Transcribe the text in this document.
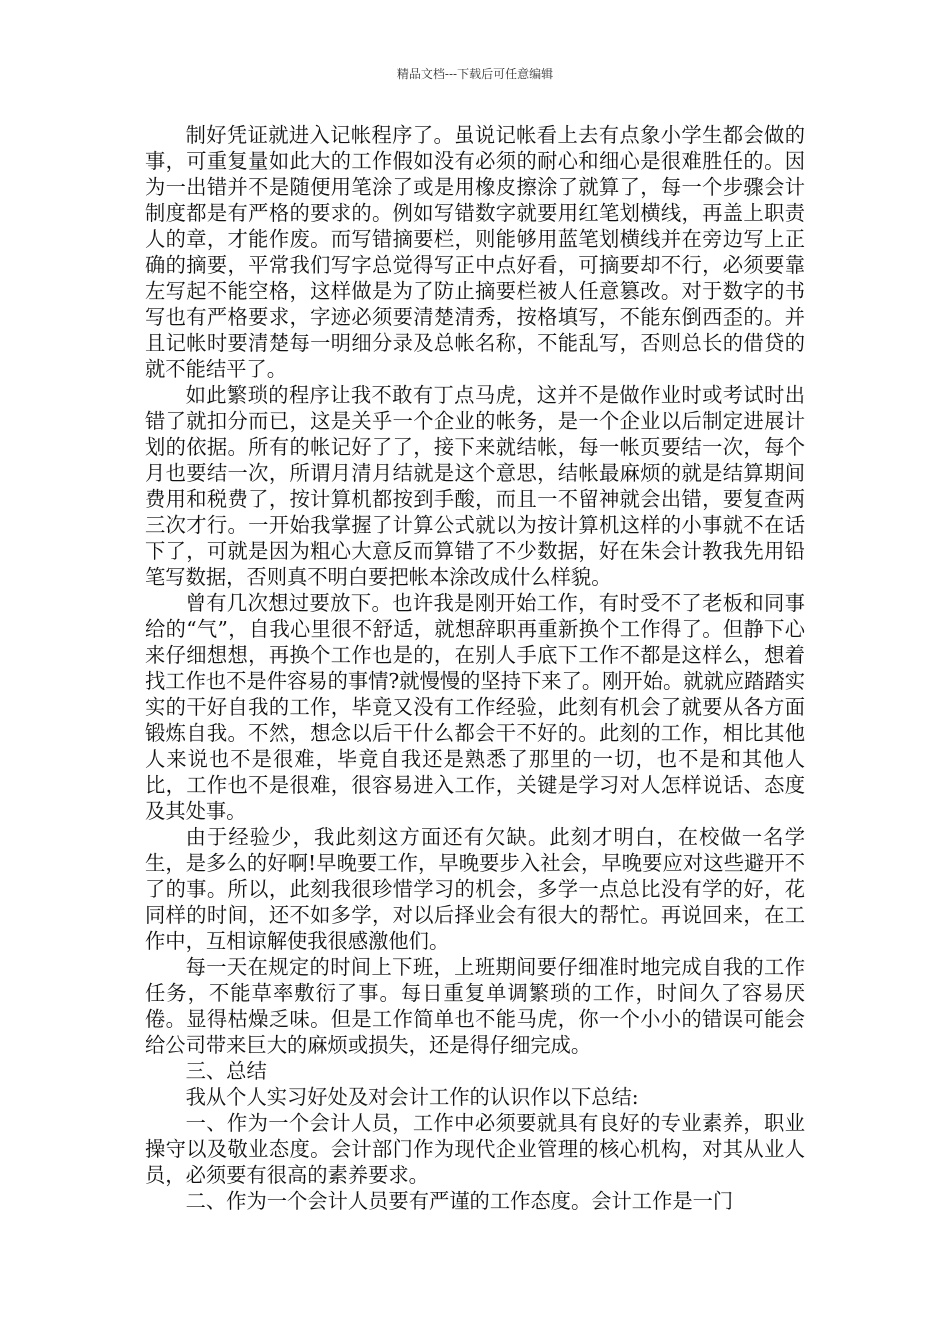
精品文档---下载后可任意编辑

制好凭证就进入记帐程序了。虽说记帐看上去有点象小学生都会做的事，可重复量如此大的工作假如没有必须的耐心和细心是很难胜任的。因为一出错并不是随便用笔涂了或是用橡皮擦涂了就算了，每一个步骤会计制度都是有严格的要求的。例如写错数字就要用红笔划横线，再盖上职责人的章，才能作废。而写错摘要栏，则能够用蓝笔划横线并在旁边写上正确的摘要，平常我们写字总觉得写正中点好看，可摘要却不行，必须要靠左写起不能空格，这样做是为了防止摘要栏被人任意篡改。对于数字的书写也有严格要求，字迹必须要清楚清秀，按格填写，不能东倒西歪的。并且记帐时要清楚每一明细分录及总帐名称，不能乱写，否则总长的借贷的就不能结平了。

如此繁琐的程序让我不敢有丁点马虎，这并不是做作业时或考试时出错了就扣分而已，这是关乎一个企业的帐务，是一个企业以后制定进展计划的依据。所有的帐记好了了，接下来就结帐，每一帐页要结一次，每个月也要结一次，所谓月清月结就是这个意思，结帐最麻烦的就是结算期间费用和税费了，按计算机都按到手酸，而且一不留神就会出错，要复查两三次才行。一开始我掌握了计算公式就以为按计算机这样的小事就不在话下了，可就是因为粗心大意反而算错了不少数据，好在朱会计教我先用铅笔写数据，否则真不明白要把帐本涂改成什么样貌。

曾有几次想过要放下。也许我是刚开始工作，有时受不了老板和同事给的“气”，自我心里很不舒适，就想辞职再重新换个工作得了。但静下心来仔细想想，再换个工作也是的，在别人手底下工作不都是这样么，想着找工作也不是件容易的事情?就慢慢的坚持下来了。刚开始。就就应踏踏实实的干好自我的工作，毕竟又没有工作经验，此刻有机会了就要从各方面锻炼自我。不然，想念以后干什么都会干不好的。此刻的工作，相比其他人来说也不是很难，毕竟自我还是熟悉了那里的一切，也不是和其他人比，工作也不是很难，很容易进入工作，关键是学习对人怎样说话、态度及其处事。

由于经验少，我此刻这方面还有欠缺。此刻才明白，在校做一名学生，是多么的好啊!早晚要工作，早晚要步入社会，早晚要应对这些避开不了的事。所以，此刻我很珍惜学习的机会，多学一点总比没有学的好，花同样的时间，还不如多学，对以后择业会有很大的帮忙。再说回来，在工作中，互相谅解使我很感激他们。

每一天在规定的时间上下班，上班期间要仔细准时地完成自我的工作任务，不能草率敷衍了事。每日重复单调繁琐的工作，时间久了容易厌倦。显得枯燥乏味。但是工作简单也不能马虎，你一个小小的错误可能会给公司带来巨大的麻烦或损失，还是得仔细完成。

三、总结

我从个人实习好处及对会计工作的认识作以下总结:

一、作为一个会计人员，工作中必须要就具有良好的专业素养，职业操守以及敬业态度。会计部门作为现代企业管理的核心机构，对其从业人员，必须要有很高的素养要求。

二、作为一个会计人员要有严谨的工作态度。会计工作是一门
